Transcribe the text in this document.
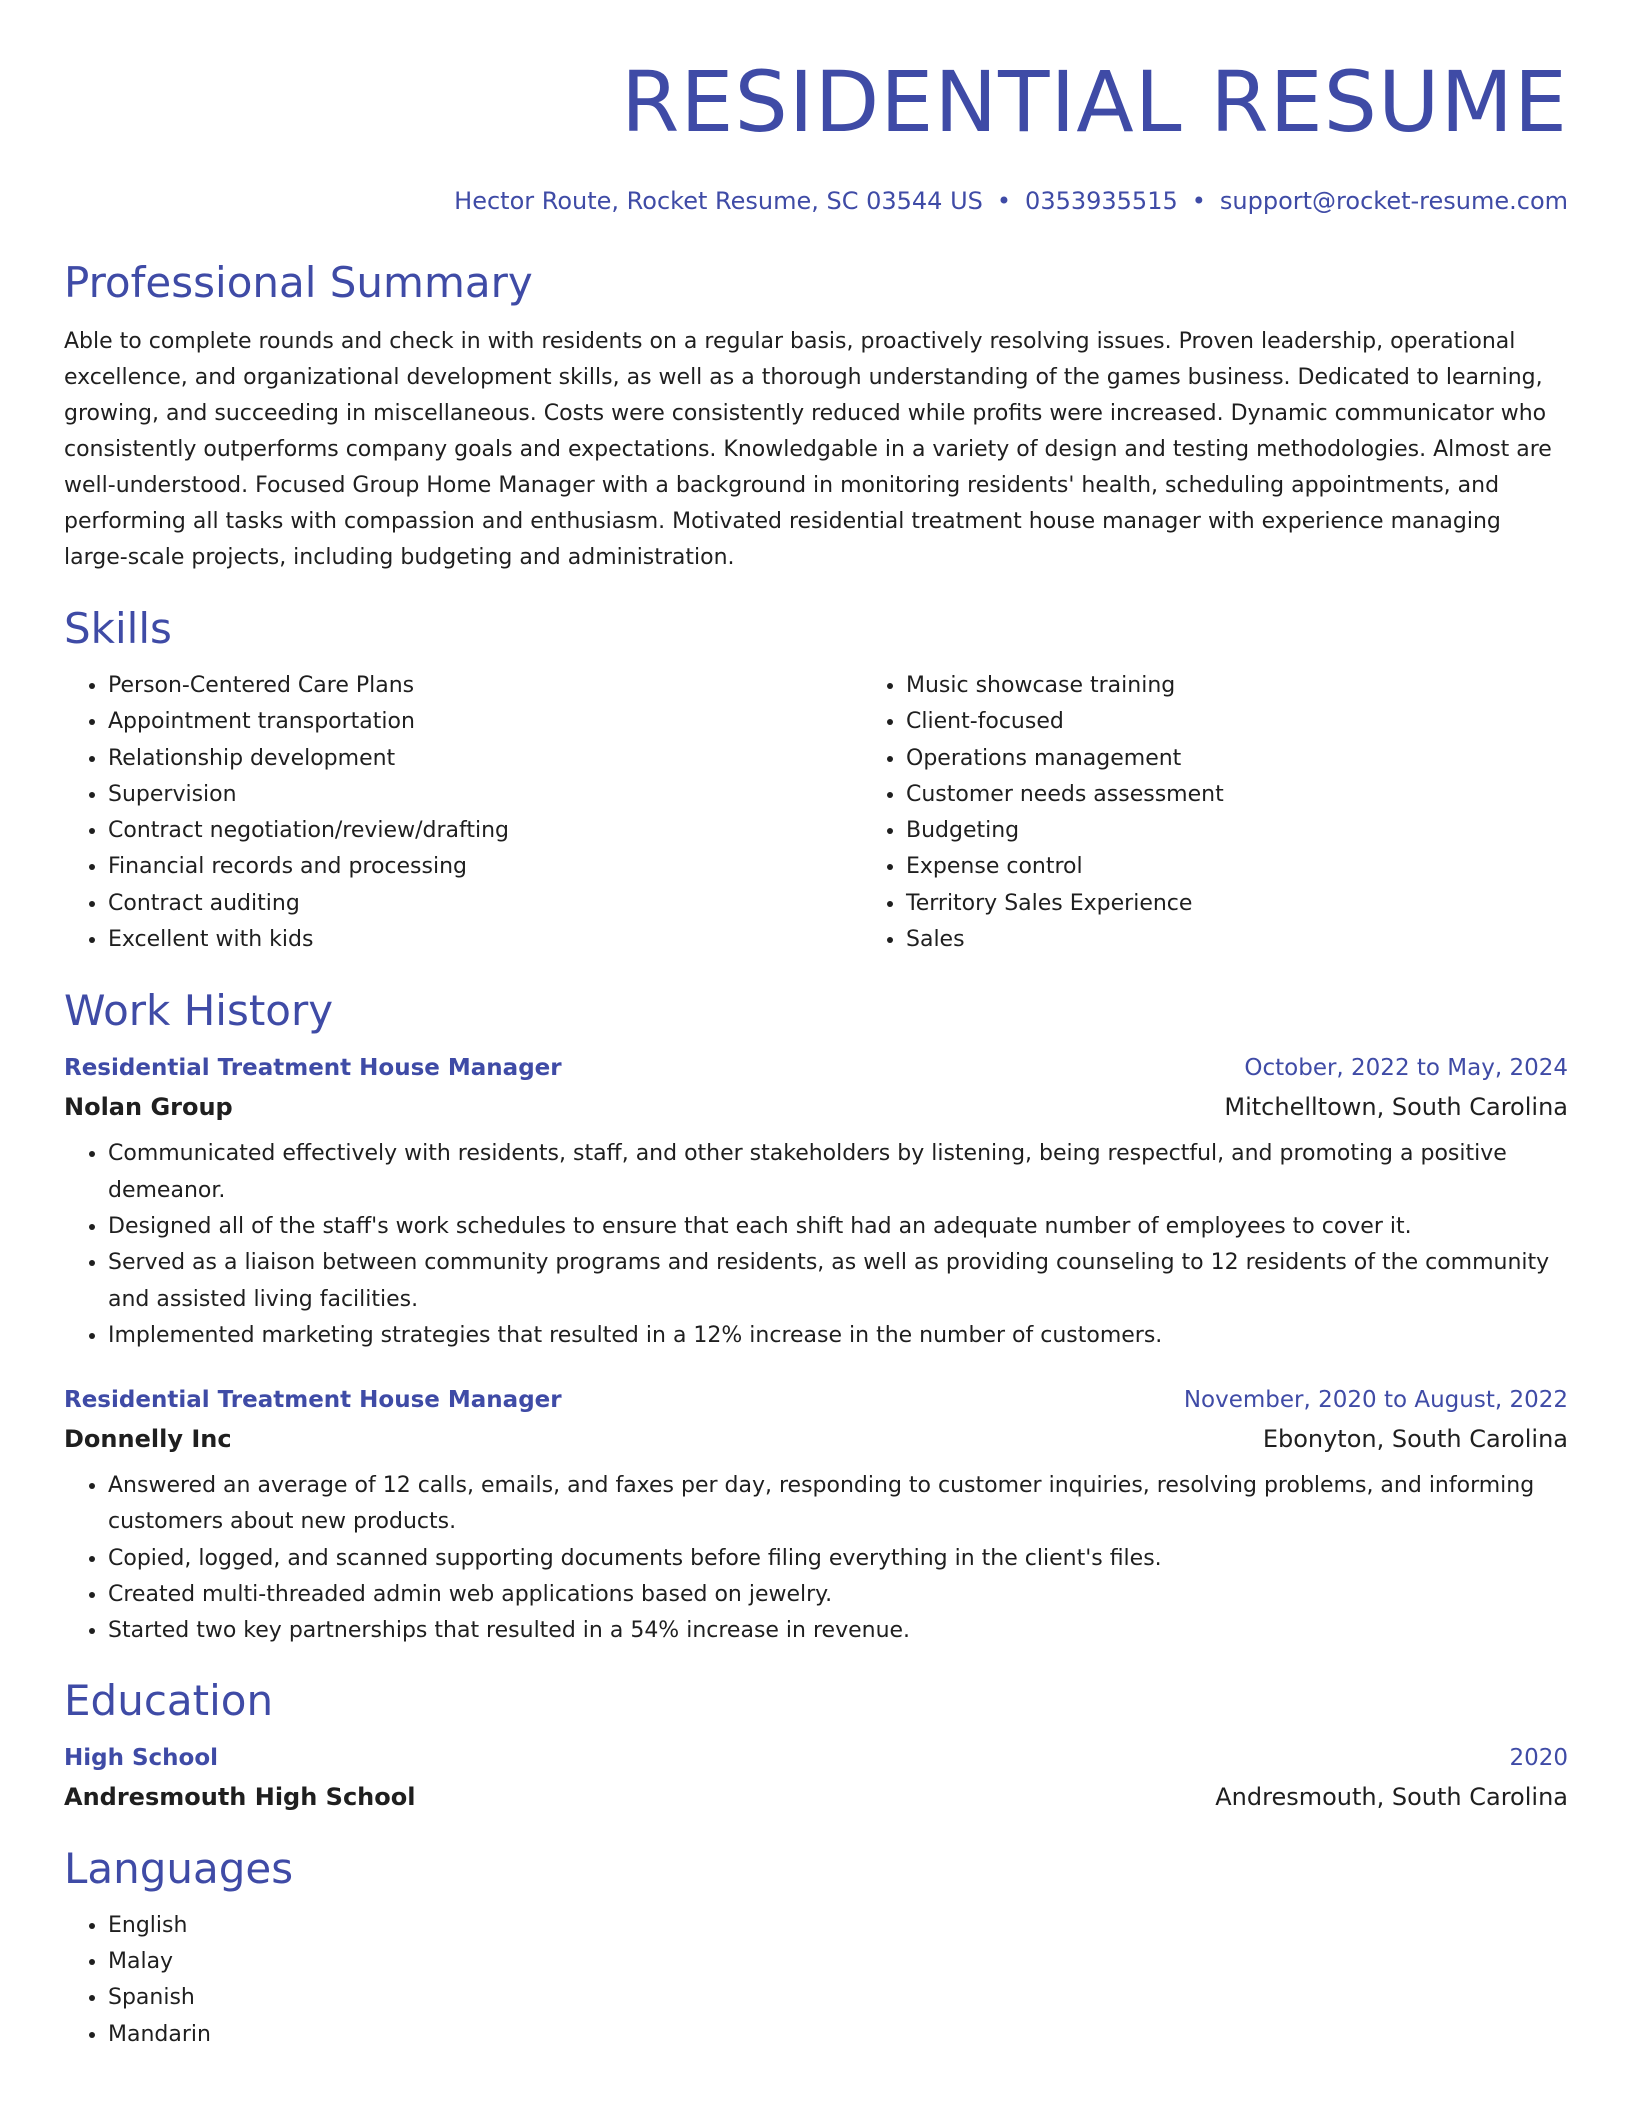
RESIDENTIAL RESUME
Hector Route, Rocket Resume, SC 03544 US • 0353935515 • support@rocket-resume.com
Professional Summary
Able to complete rounds and check in with residents on a regular basis, proactively resolving issues. Proven leadership, operational excellence, and organizational development skills, as well as a thorough understanding of the games business. Dedicated to learning, growing, and succeeding in miscellaneous. Costs were consistently reduced while profits were increased. Dynamic communicator who consistently outperforms company goals and expectations. Knowledgable in a variety of design and testing methodologies. Almost are well-understood. Focused Group Home Manager with a background in monitoring residents' health, scheduling appointments, and performing all tasks with compassion and enthusiasm. Motivated residential treatment house manager with experience managing large-scale projects, including budgeting and administration.
Skills
• Person-Centered Care Plans
• Appointment transportation
• Relationship development
• Supervision
• Contract negotiation/review/drafting
• Financial records and processing
• Contract auditing
• Excellent with kids
• Music showcase training
• Client-focused
• Operations management
• Customer needs assessment
• Budgeting
• Expense control
• Territory Sales Experience
• Sales
Work History
Residential Treatment House Manager	October, 2022 to May, 2024
Nolan Group	Mitchelltown, South Carolina
• Communicated effectively with residents, staff, and other stakeholders by listening, being respectful, and promoting a positive demeanor.
• Designed all of the staff's work schedules to ensure that each shift had an adequate number of employees to cover it.
• Served as a liaison between community programs and residents, as well as providing counseling to 12 residents of the community and assisted living facilities.
• Implemented marketing strategies that resulted in a 12% increase in the number of customers.
Residential Treatment House Manager	November, 2020 to August, 2022
Donnelly Inc	Ebonyton, South Carolina
• Answered an average of 12 calls, emails, and faxes per day, responding to customer inquiries, resolving problems, and informing customers about new products.
• Copied, logged, and scanned supporting documents before filing everything in the client's files.
• Created multi-threaded admin web applications based on jewelry.
• Started two key partnerships that resulted in a 54% increase in revenue.
Education
High School	2020
Andresmouth High School	Andresmouth, South Carolina
Languages
• English
• Malay
• Spanish
• Mandarin
